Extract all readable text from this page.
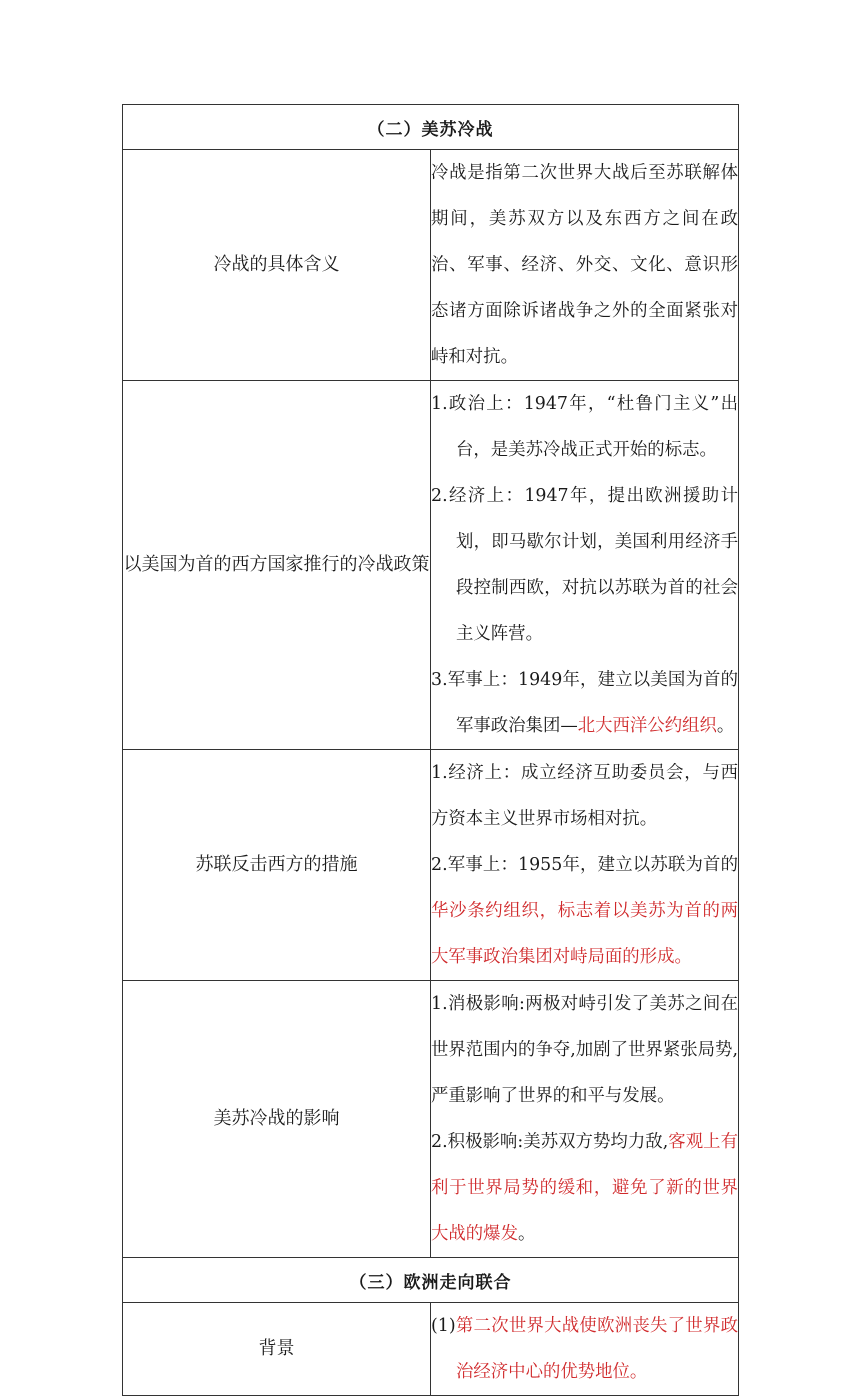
（二）美苏冷战	
冷战的具体含义	冷战是指第二次世界大战后至苏联解体期间，美苏双方以及东西方之间在政治、军事、经济、外交、文化、意识形态诸方面除诉诸战争之外的全面紧张对峙和对抗。

以美国为首的西方国家推行的冷战政策	1.政治上：1947年，“杜鲁门主义”出台，是美苏冷战正式开始的标志。
2.经济上：1947年，提出欧洲援助计划，即马歇尔计划，美国利用经济手段控制西欧，对抗以苏联为首的社会主义阵营。
3.军事上：1949年，建立以美国为首的军事政治集团—北大西洋公约组织。

苏联反击西方的措施	1.经济上：成立经济互助委员会，与西方资本主义世界市场相对抗。
2.军事上：1955年，建立以苏联为首的华沙条约组织，标志着以美苏为首的两大军事政治集团对峙局面的形成。

美苏冷战的影响	1.消极影响:两极对峙引发了美苏之间在世界范围内的争夺,加剧了世界紧张局势,严重影响了世界的和平与发展。
2.积极影响:美苏双方势均力敌,客观上有利于世界局势的缓和，避免了新的世界大战的爆发。

（三）欧洲走向联合	
背景	(1)第二次世界大战使欧洲丧失了世界政治经济中心的优势地位。
